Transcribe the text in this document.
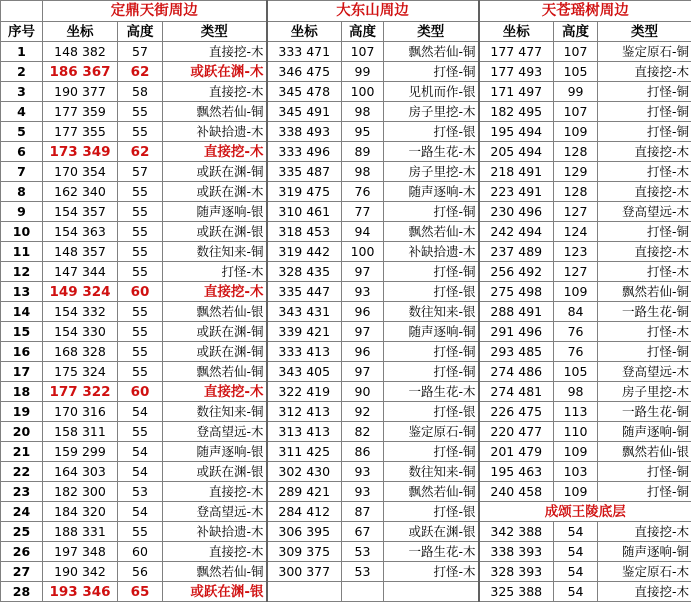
	定鼎天街周边			大东山周边			天苍瑶树周边		
序号	坐标	高度	类型	坐标	高度	类型	坐标	高度	类型
1	148 382	57	直接挖-木	333 471	107	飘然若仙-铜	177 477	107	鉴定原石-铜
2	186 367	62	或跃在渊-木	346 475	99	打怪-铜	177 493	105	直接挖-木
3	190 377	58	直接挖-木	345 478	100	见机而作-银	171 497	99	打怪-铜
4	177 359	55	飘然若仙-铜	345 491	98	房子里挖-木	182 495	107	打怪-铜
5	177 355	55	补缺拾遗-木	338 493	95	打怪-银	195 494	109	打怪-铜
6	173 349	62	直接挖-木	333 496	89	一路生花-木	205 494	128	直接挖-木
7	170 354	57	或跃在渊-铜	335 487	98	房子里挖-木	218 491	129	打怪-木
8	162 340	55	或跃在渊-木	319 475	76	随声逐响-木	223 491	128	直接挖-木
9	154 357	55	随声逐响-银	310 461	77	打怪-铜	230 496	127	登高望远-木
10	154 363	55	或跃在渊-银	318 453	94	飘然若仙-木	242 494	124	打怪-铜
11	148 357	55	数往知来-铜	319 442	100	补缺拾遗-木	237 489	123	直接挖-木
12	147 344	55	打怪-木	328 435	97	打怪-铜	256 492	127	打怪-木
13	149 324	60	直接挖-木	335 447	93	打怪-银	275 498	109	飘然若仙-铜
14	154 332	55	飘然若仙-银	343 431	96	数往知来-银	288 491	84	一路生花-铜
15	154 330	55	或跃在渊-铜	339 421	97	随声逐响-铜	291 496	76	打怪-木
16	168 328	55	或跃在渊-铜	333 413	96	打怪-铜	293 485	76	打怪-铜
17	175 324	55	飘然若仙-铜	343 405	97	打怪-铜	274 486	105	登高望远-木
18	177 322	60	直接挖-木	322 419	90	一路生花-木	274 481	98	房子里挖-木
19	170 316	54	数往知来-铜	312 413	92	打怪-银	226 475	113	一路生花-铜
20	158 311	55	登高望远-木	313 413	82	鉴定原石-铜	220 477	110	随声逐响-铜
21	159 299	54	随声逐响-银	311 425	86	打怪-铜	201 479	109	飘然若仙-银
22	164 303	54	或跃在渊-银	302 430	93	数往知来-铜	195 463	103	打怪-铜
23	182 300	53	直接挖-木	289 421	93	飘然若仙-铜	240 458	109	打怪-铜
24	184 320	54	登高望远-木	284 412	87	打怪-银	成颂王陵底层		
25	188 331	55	补缺拾遗-木	306 395	67	或跃在渊-银	342 388	54	直接挖-木
26	197 348	60	直接挖-木	309 375	53	一路生花-木	338 393	54	随声逐响-铜
27	190 342	56	飘然若仙-铜	300 377	53	打怪-木	328 393	54	鉴定原石-木
28	193 346	65	或跃在渊-银				325 388	54	直接挖-木
